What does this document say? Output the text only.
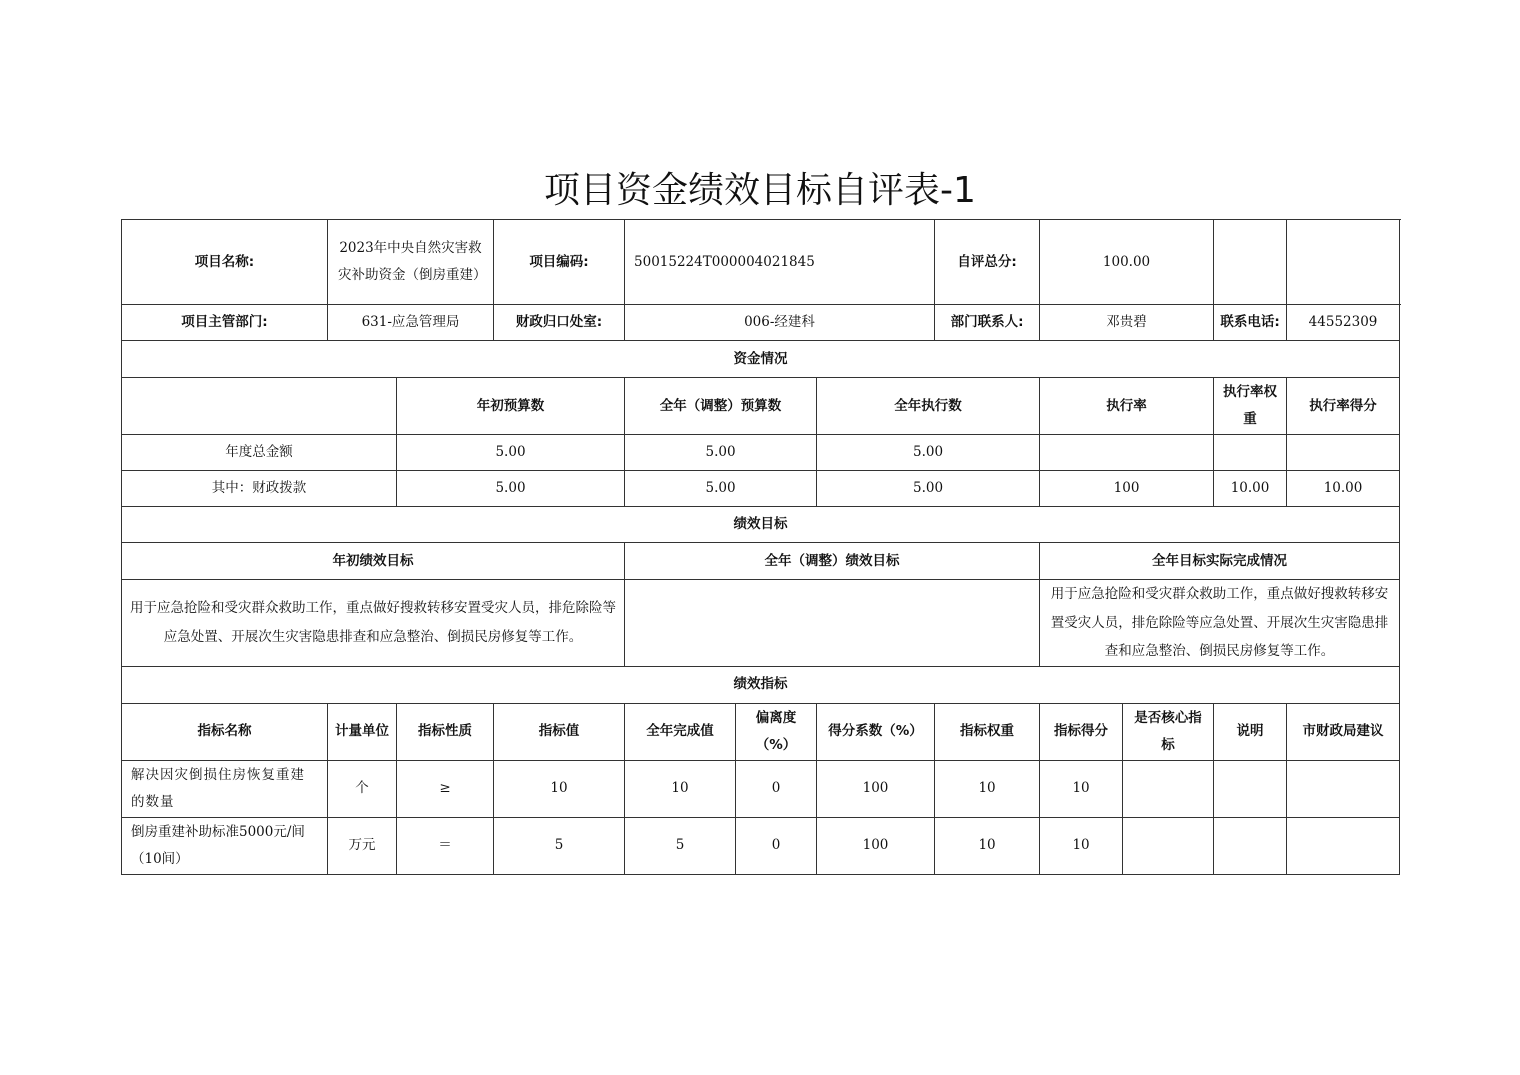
项目资金绩效目标自评表-1
项目名称:	2023年中央自然灾害救灾补助资金（倒房重建）		项目编码:	50015224T000004021845			自评总分:	100.00			
项目主管部门:	631-应急管理局		财政归口处室:	006-经建科			部门联系人:	邓贵碧		联系电话:	44552309
资金情况											
		年初预算数		全年（调整）预算数		全年执行数		执行率		执行率权重	执行率得分
年度总金额		5.00		5.00		5.00					
其中：财政拨款		5.00		5.00		5.00		100		10.00	10.00
绩效目标											
年初绩效目标				全年（调整）绩效目标				全年目标实际完成情况			
用于应急抢险和受灾群众救助工作，重点做好搜救转移安置受灾人员，排危除险等应急处置、开展次生灾害隐患排查和应急整治、倒损民房修复等工作。								用于应急抢险和受灾群众救助工作，重点做好搜救转移安置受灾人员，排危除险等应急处置、开展次生灾害隐患排查和应急整治、倒损民房修复等工作。			
绩效指标											
指标名称	计量单位	指标性质	指标值	全年完成值	偏离度（%）	得分系数（%）	指标权重	指标得分	是否核心指标	说明	市财政局建议
解决因灾倒损住房恢复重建的数量	个	≥	10	10	0	100	10	10			
倒房重建补助标准5000元/间（10间）	万元	＝	5	5	0	100	10	10			
